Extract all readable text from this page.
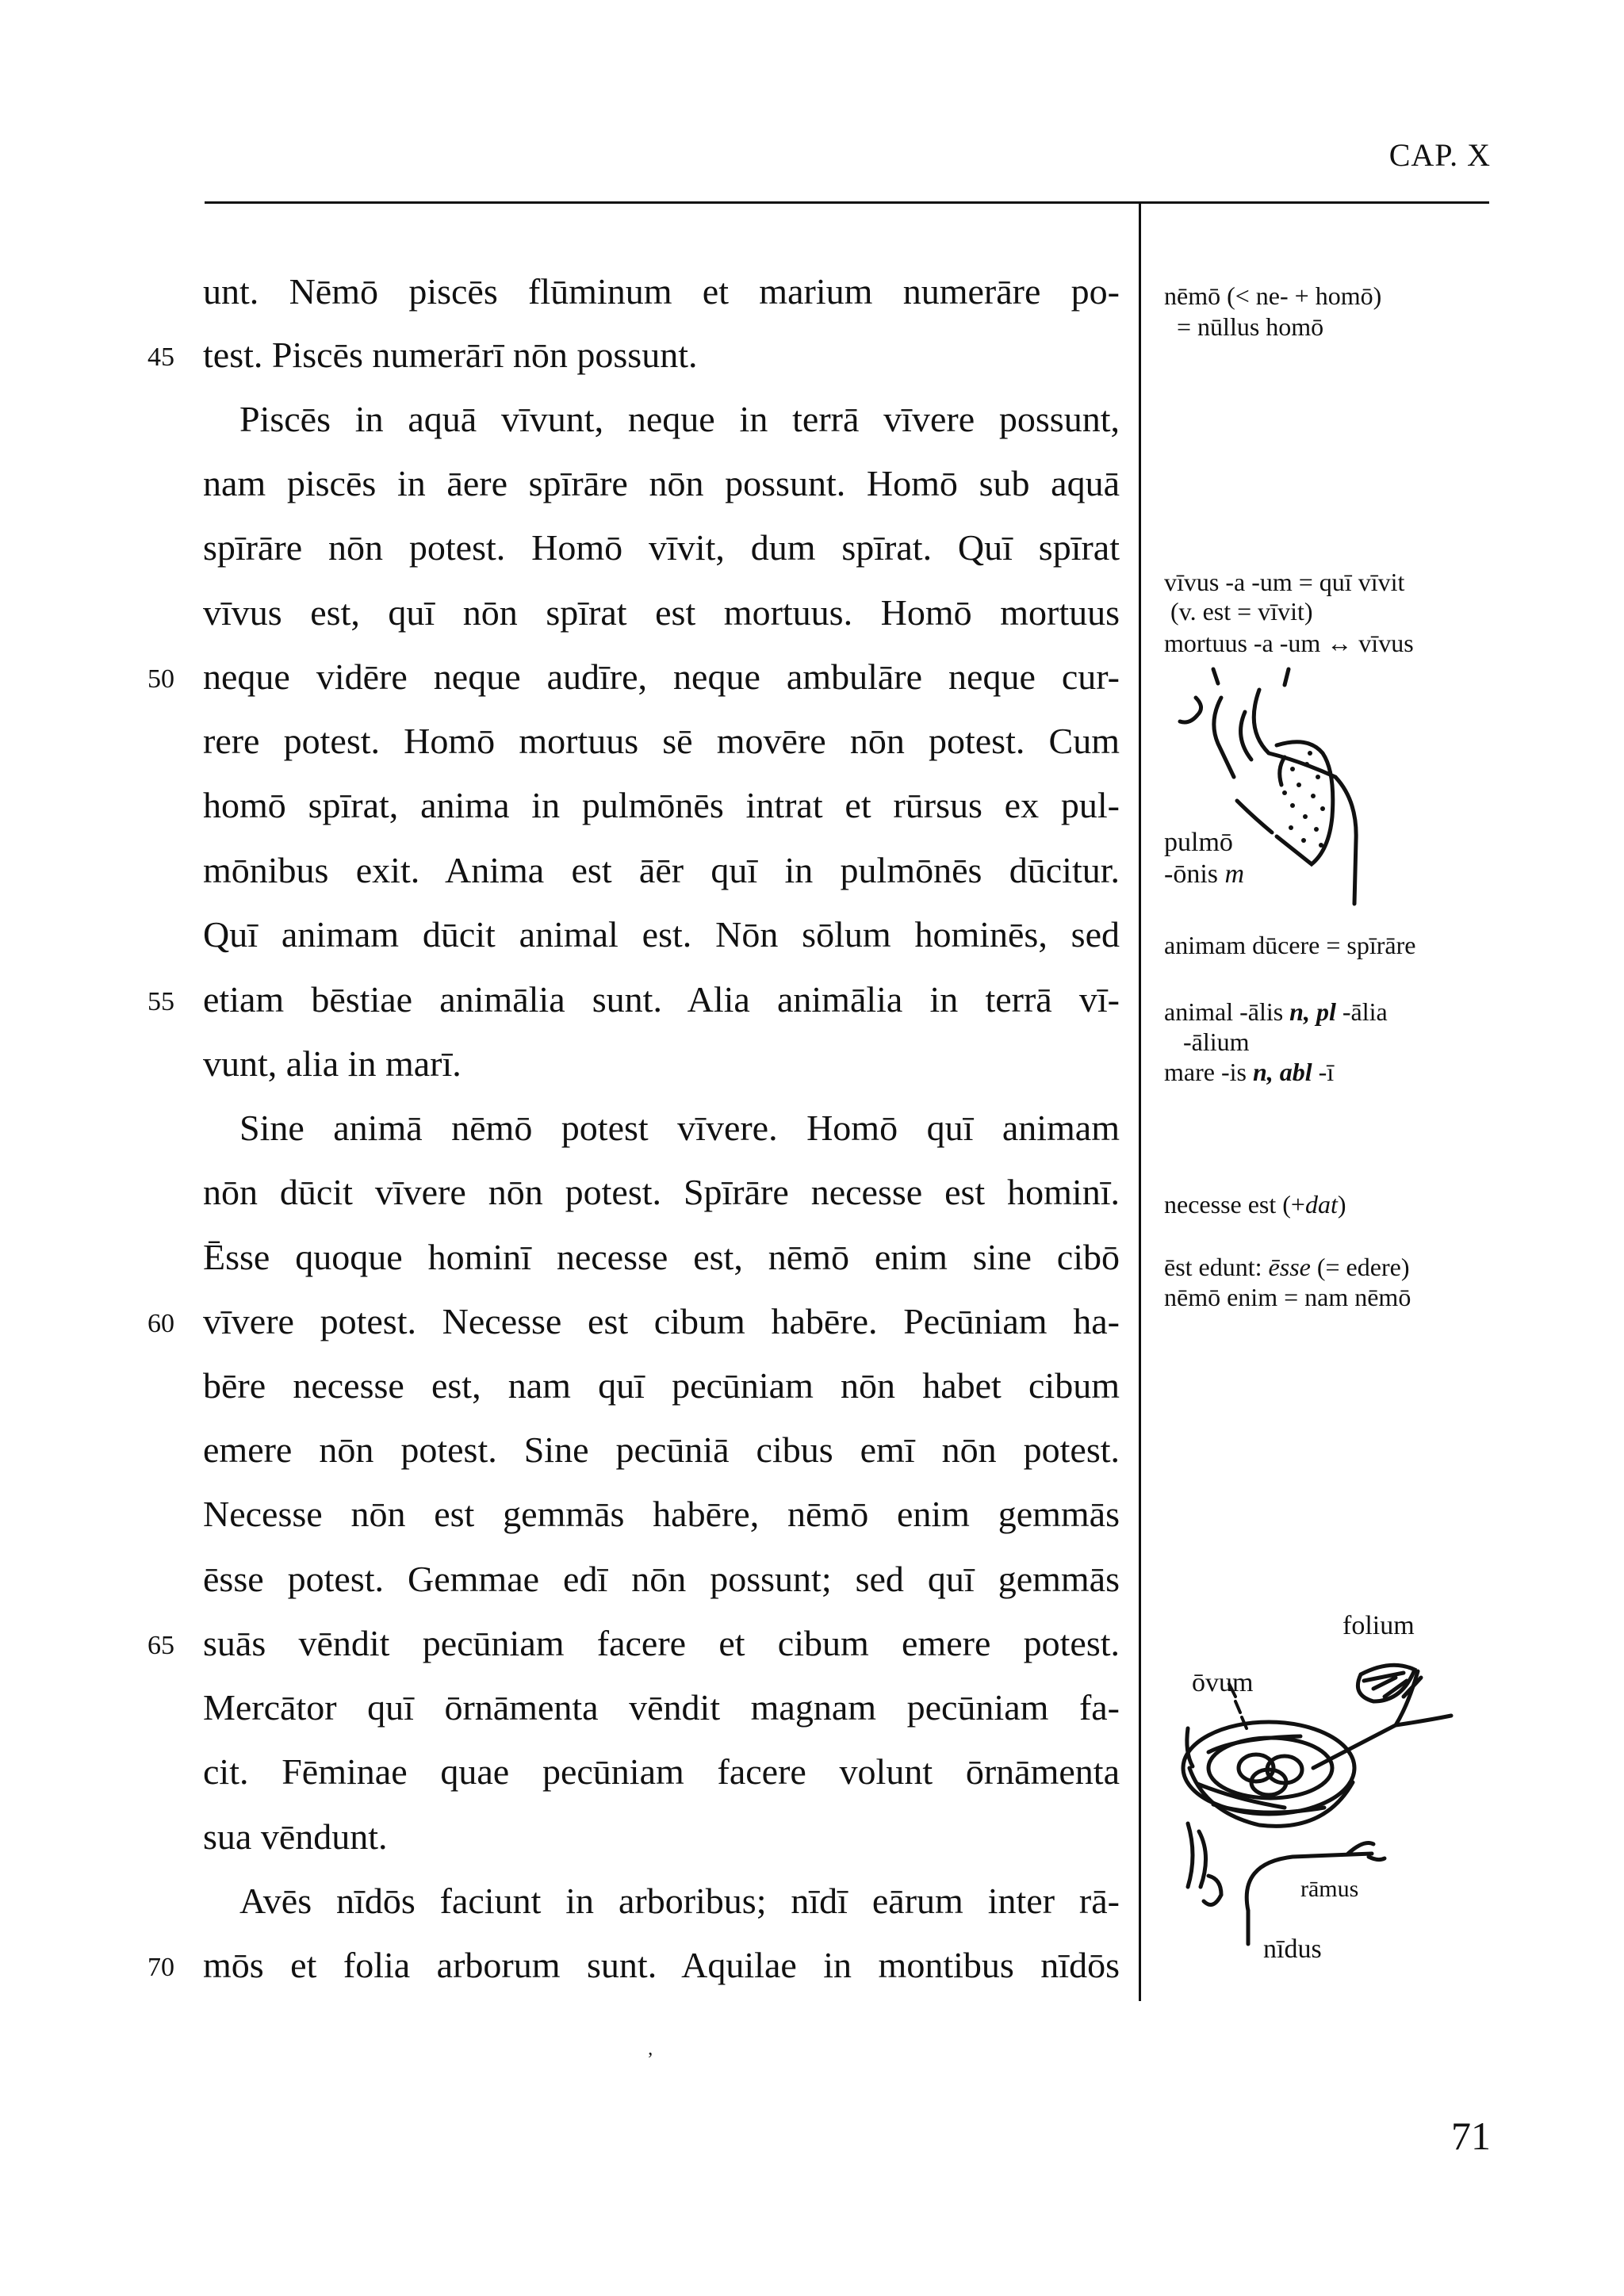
CAP. X
unt. Nēmō piscēs flūminum et marium numerāre po-
test. Piscēs numerārī nōn possunt.
Piscēs in aquā vīvunt, neque in terrā vīvere possunt,
nam piscēs in āere spīrāre nōn possunt. Homō sub aquā
spīrāre nōn potest. Homō vīvit, dum spīrat. Quī spīrat
vīvus est, quī nōn spīrat est mortuus. Homō mortuus
neque vidēre neque audīre, neque ambulāre neque cur-
rere potest. Homō mortuus sē movēre nōn potest. Cum
homō spīrat, anima in pulmōnēs intrat et rūrsus ex pul-
mōnibus exit. Anima est āēr quī in pulmōnēs dūcitur.
Quī animam dūcit animal est. Nōn sōlum hominēs, sed
etiam bēstiae animālia sunt. Alia animālia in terrā vī-
vunt, alia in marī.
Sine animā nēmō potest vīvere. Homō quī animam
nōn dūcit vīvere nōn potest. Spīrāre necesse est hominī.
Ēsse quoque hominī necesse est, nēmō enim sine cibō
vīvere potest. Necesse est cibum habēre. Pecūniam ha-
bēre necesse est, nam quī pecūniam nōn habet cibum
emere nōn potest. Sine pecūniā cibus emī nōn potest.
Necesse nōn est gemmās habēre, nēmō enim gemmās
ēsse potest. Gemmae edī nōn possunt; sed quī gemmās
suās vēndit pecūniam facere et cibum emere potest.
Mercātor quī ōrnāmenta vēndit magnam pecūniam fa-
cit. Fēminae quae pecūniam facere volunt ōrnāmenta
sua vēndunt.
Avēs nīdōs faciunt in arboribus; nīdī eārum inter rā-
mōs et folia arborum sunt. Aquilae in montibus nīdōs
45
50
55
60
65
70
nēmō (< ne- + homō)
= nūllus homō
vīvus -a -um = quī vīvit
(v. est = vīvit)
mortuus -a -um ↔ vīvus
pulmō
-ōnis m
animam dūcere = spīrāre
animal -ālis n, pl -ālia
-ālium
mare -is n, abl -ī
necesse est (+dat)
ēst edunt: ēsse (= edere)
nēmō enim = nam nēmō
folium
ōvum
rāmus
nīdus
ʼ
71
